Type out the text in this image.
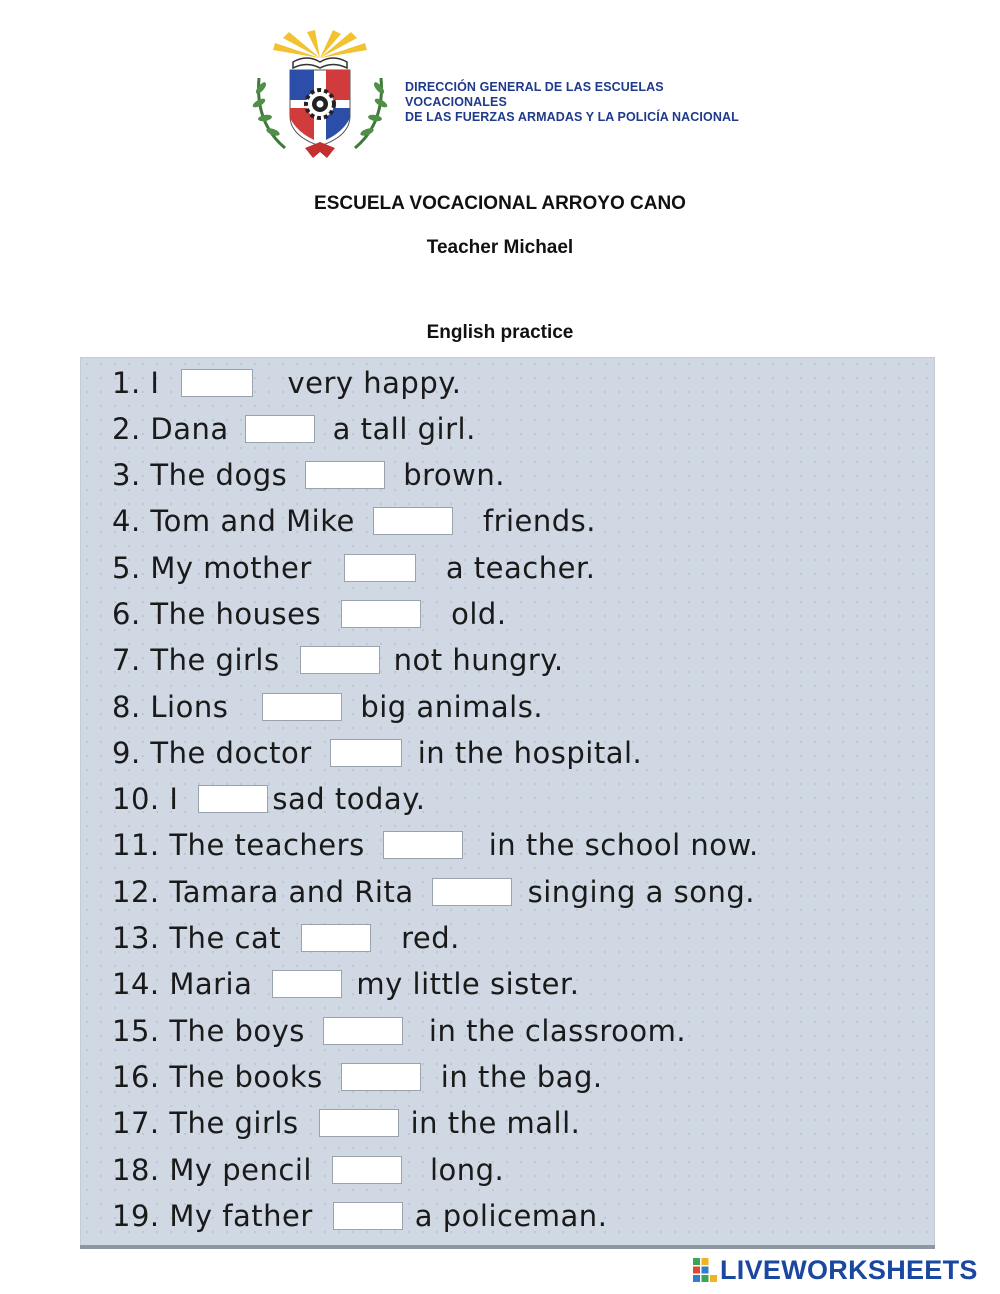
DIRECCIÓN GENERAL DE LAS ESCUELAS VOCACIONALES
DE LAS FUERZAS ARMADAS Y LA POLICÍA NACIONAL
ESCUELA VOCACIONAL ARROYO CANO
Teacher Michael
English practice
1.
I	very happy.
2.
Dana	a tall girl.
3.
The dogs	brown.
4.
Tom and Mike	friends.
5.
My mother	a teacher.
6.
The houses	old.
7.
The girls	not hungry.
8.
Lions	big animals.
9.
The doctor	in the hospital.
10.
I	sad today.
11.
The teachers	in the school now.
12.
Tamara and Rita	singing a song.
13.
The cat	red.
14.
Maria	my little sister.
15.
The boys	in the classroom.
16.
The books	in the bag.
17.
The girls	in the mall.
18.
My pencil	long.
19.
My father	a policeman.
LIVEWORKSHEETS
